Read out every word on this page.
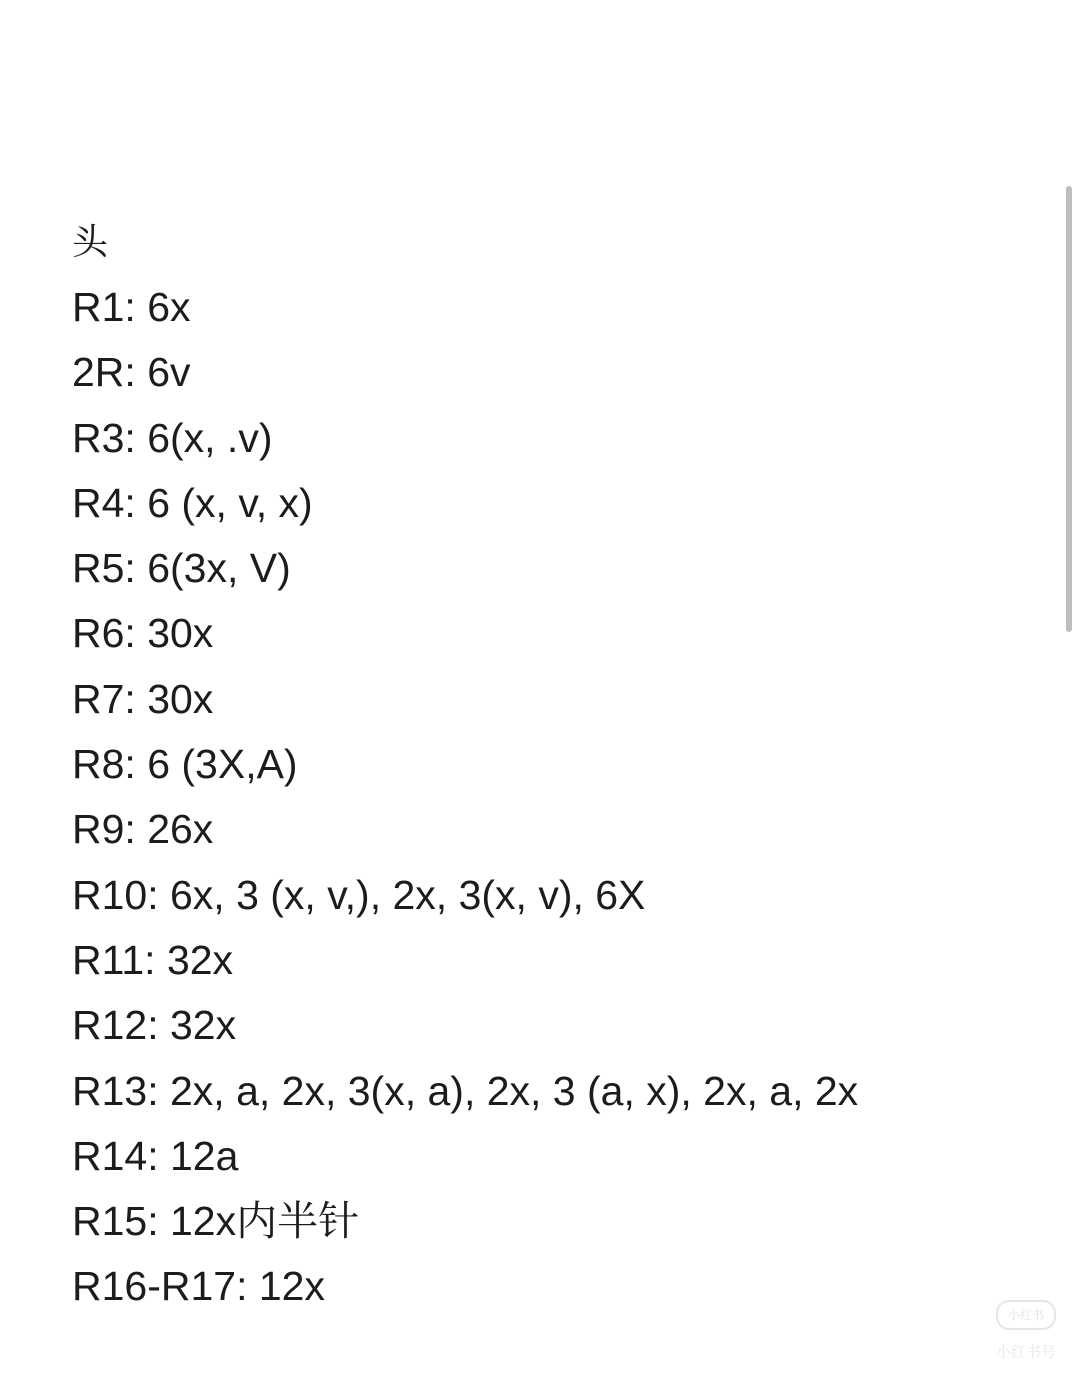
头
R1: 6x
2R: 6v
R3: 6(x, .v)
R4: 6 (x, v, x)
R5: 6(3x, V)
R6: 30x
R7: 30x
R8: 6 (3X,A)
R9: 26x
R10: 6x, 3 (x, v,), 2x, 3(x, v), 6X
R11: 32x
R12: 32x
R13: 2x, a, 2x, 3(x, a), 2x, 3 (a, x), 2x, a, 2x
R14: 12a
R15: 12x内半针
R16-R17: 12x
小红书
小红书号
